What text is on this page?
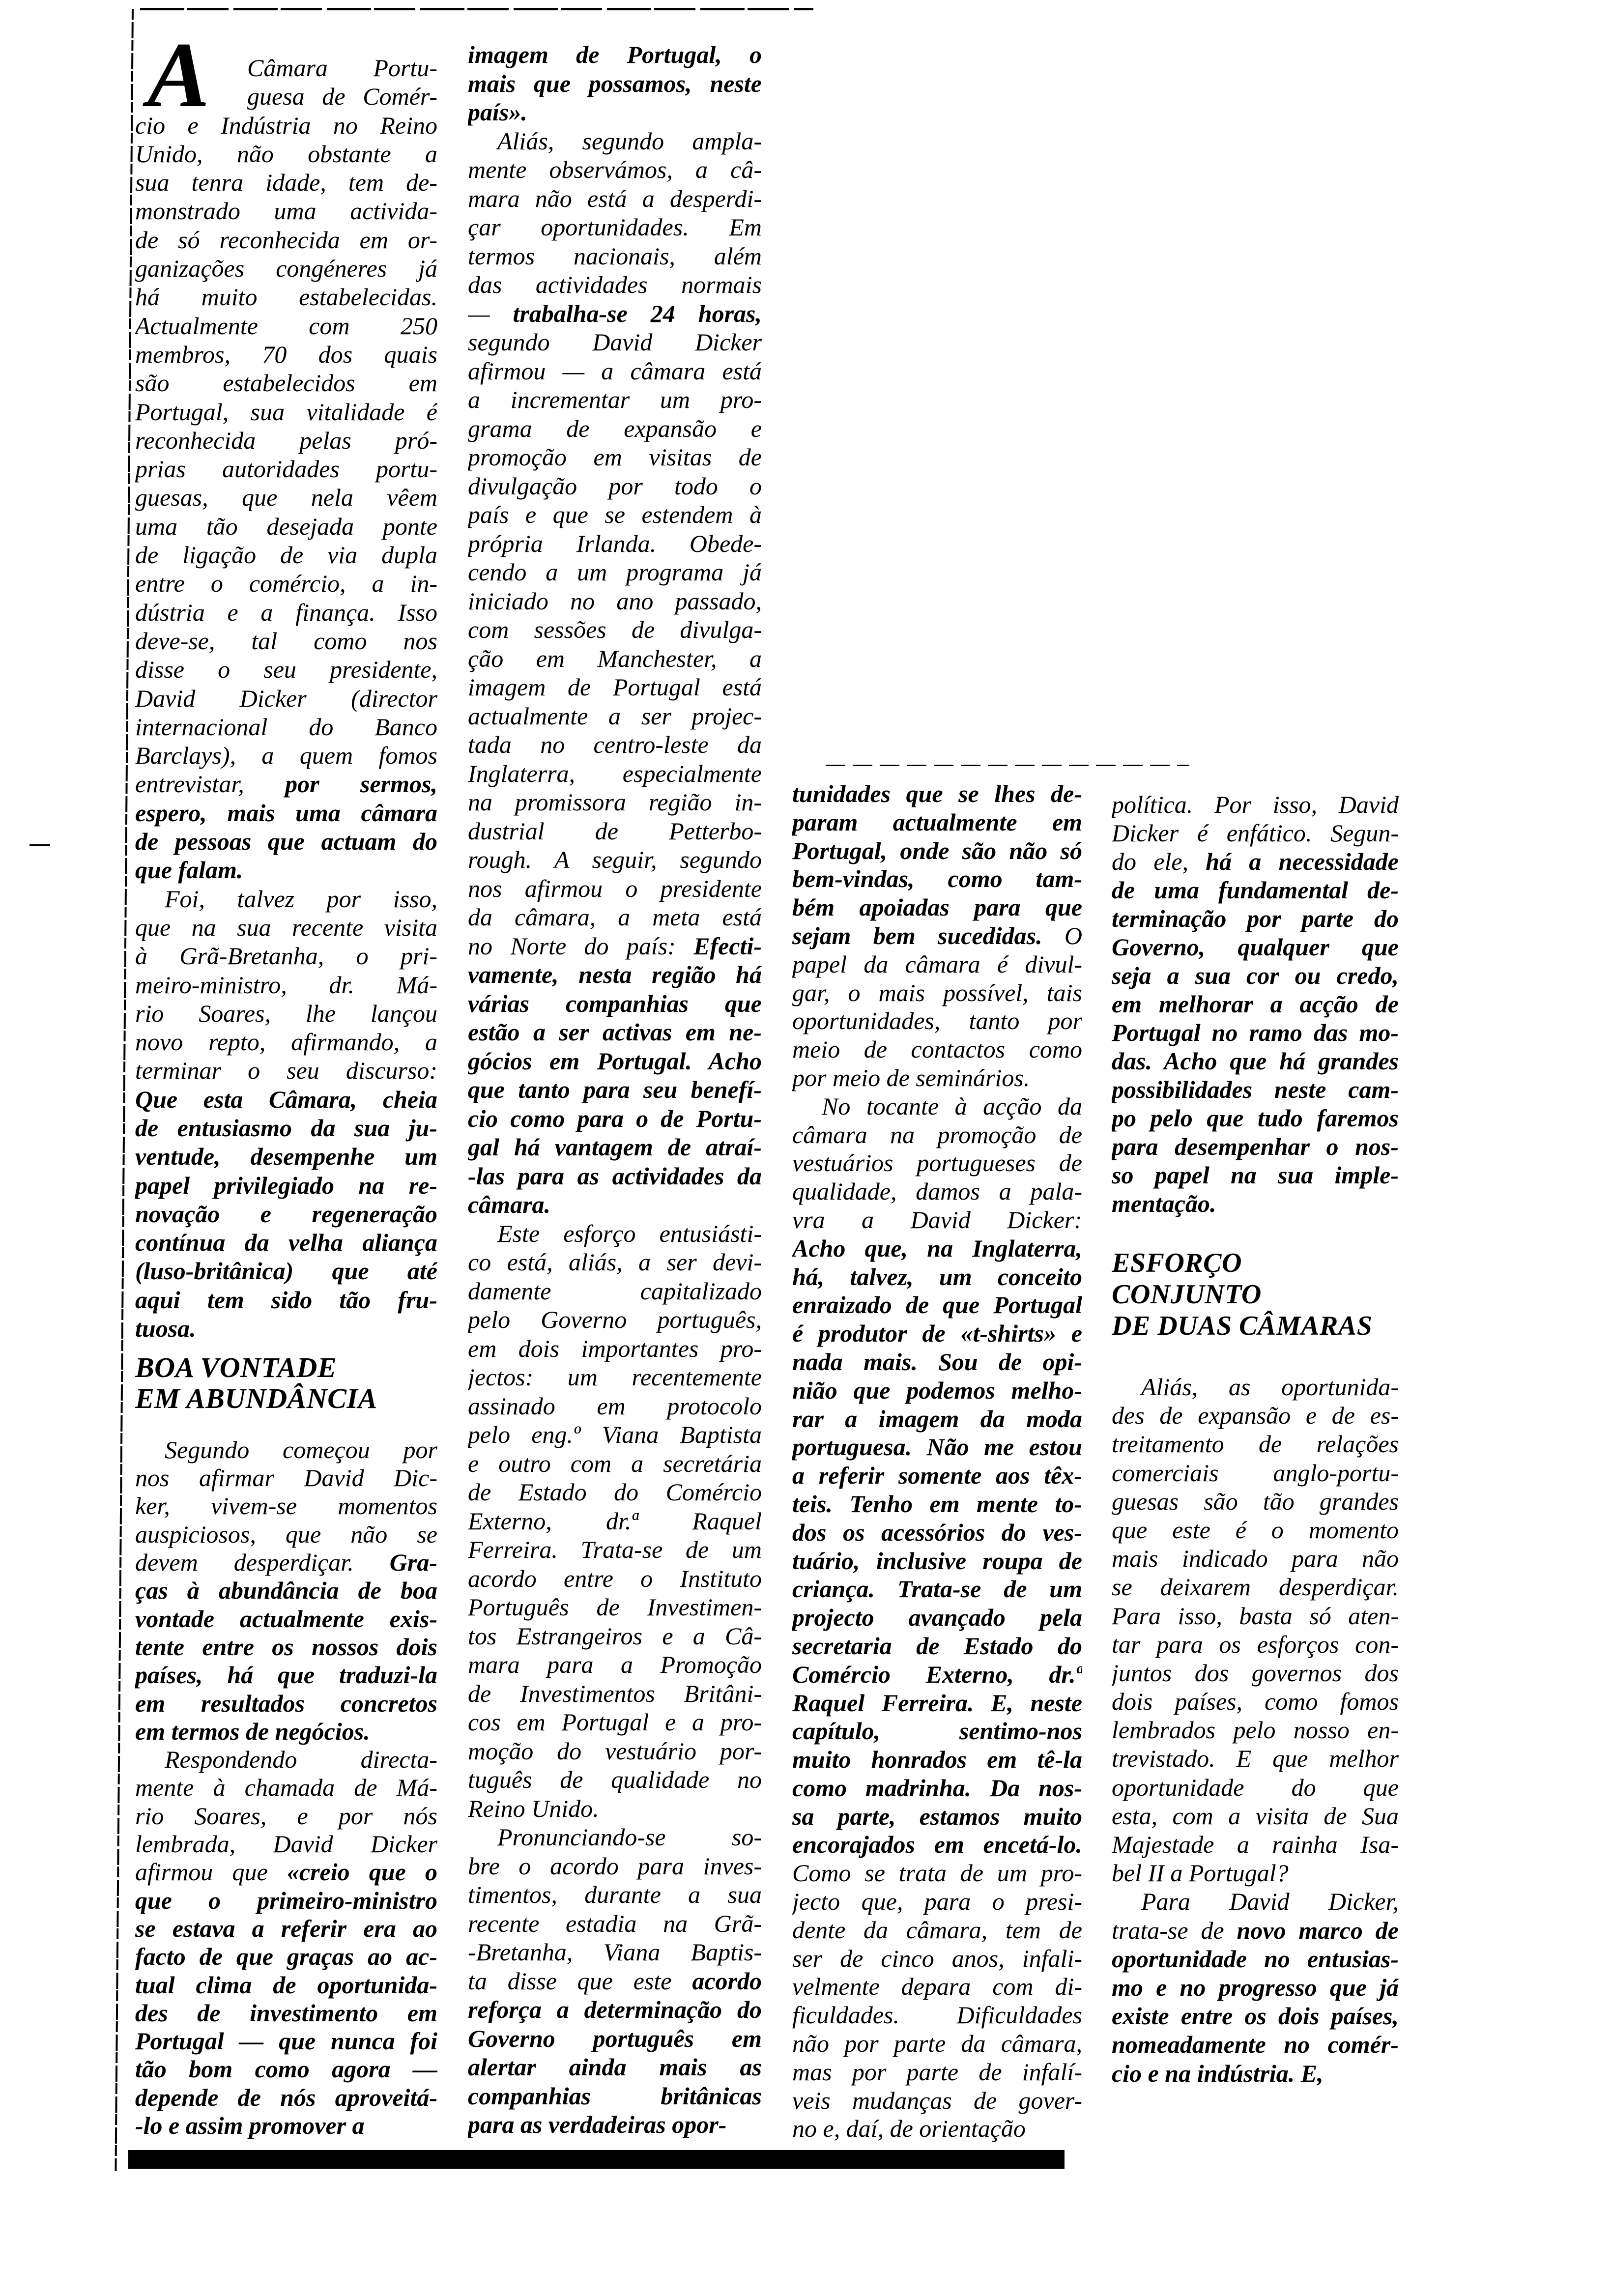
A	Câmara Portu-
guesa de Comér-
cio e Indústria no Reino
Unido, não obstante a
sua tenra idade, tem de-
monstrado uma activida-
de só reconhecida em or-
ganizações congéneres já
há muito estabelecidas.
Actualmente com 250
membros, 70 dos quais
são estabelecidos em
Portugal, sua vitalidade é
reconhecida pelas pró-
prias autoridades portu-
guesas, que nela vêem
uma tão desejada ponte
de ligação de via dupla
entre o comércio, a in-
dústria e a finança. Isso
deve-se, tal como nos
disse o seu presidente,
David Dicker (director
internacional do Banco
Barclays), a quem fomos
entrevistar, por sermos,
espero, mais uma câmara
de pessoas que actuam do
que falam.
Foi, talvez por isso,
que na sua recente visita
à Grã-Bretanha, o pri-
meiro-ministro, dr. Má-
rio Soares, lhe lançou
novo repto, afirmando, a
terminar o seu discurso:
Que esta Câmara, cheia
de entusiasmo da sua ju-
ventude, desempenhe um
papel privilegiado na re-
novação e regeneração
contínua da velha aliança
(luso-britânica) que até
aqui tem sido tão fru-
tuosa.
BOA VONTADE
EM ABUNDÂNCIA
Segundo começou por
nos afirmar David Dic-
ker, vivem-se momentos
auspiciosos, que não se
devem desperdiçar. Gra-
ças à abundância de boa
vontade actualmente exis-
tente entre os nossos dois
países, há que traduzi-la
em resultados concretos
em termos de negócios.
Respondendo directa-
mente à chamada de Má-
rio Soares, e por nós
lembrada, David Dicker
afirmou que «creio que o
que o primeiro-ministro
se estava a referir era ao
facto de que graças ao ac-
tual clima de oportunida-
des de investimento em
Portugal — que nunca foi
tão bom como agora —
depende de nós aproveitá-
-lo e assim promover a
imagem de Portugal, o
mais que possamos, neste
país».
Aliás, segundo ampla-
mente observámos, a câ-
mara não está a desperdi-
çar oportunidades. Em
termos nacionais, além
das actividades normais
— trabalha-se 24 horas,
segundo David Dicker
afirmou — a câmara está
a incrementar um pro-
grama de expansão e
promoção em visitas de
divulgação por todo o
país e que se estendem à
própria Irlanda. Obede-
cendo a um programa já
iniciado no ano passado,
com sessões de divulga-
ção em Manchester, a
imagem de Portugal está
actualmente a ser projec-
tada no centro-leste da
Inglaterra, especialmente
na promissora região in-
dustrial de Petterbo-
rough. A seguir, segundo
nos afirmou o presidente
da câmara, a meta está
no Norte do país: Efecti-
vamente, nesta região há
várias companhias que
estão a ser activas em ne-
gócios em Portugal. Acho
que tanto para seu benefí-
cio como para o de Portu-
gal há vantagem de atraí-
-las para as actividades da
câmara.
Este esforço entusiásti-
co está, aliás, a ser devi-
damente capitalizado
pelo Governo português,
em dois importantes pro-
jectos: um recentemente
assinado em protocolo
pelo eng.º Viana Baptista
e outro com a secretária
de Estado do Comércio
Externo, dr.ª Raquel
Ferreira. Trata-se de um
acordo entre o Instituto
Português de Investimen-
tos Estrangeiros e a Câ-
mara para a Promoção
de Investimentos Britâni-
cos em Portugal e a pro-
moção do vestuário por-
tuguês de qualidade no
Reino Unido.
Pronunciando-se so-
bre o acordo para inves-
timentos, durante a sua
recente estadia na Grã-
-Bretanha, Viana Baptis-
ta disse que este acordo
reforça a determinação do
Governo português em
alertar ainda mais as
companhias britânicas
para as verdadeiras opor-
tunidades que se lhes de-
param actualmente em
Portugal, onde são não só
bem-vindas, como tam-
bém apoiadas para que
sejam bem sucedidas. O
papel da câmara é divul-
gar, o mais possível, tais
oportunidades, tanto por
meio de contactos como
por meio de seminários.
No tocante à acção da
câmara na promoção de
vestuários portugueses de
qualidade, damos a pala-
vra a David Dicker:
Acho que, na Inglaterra,
há, talvez, um conceito
enraizado de que Portugal
é produtor de «t-shirts» e
nada mais. Sou de opi-
nião que podemos melho-
rar a imagem da moda
portuguesa. Não me estou
a referir somente aos têx-
teis. Tenho em mente to-
dos os acessórios do ves-
tuário, inclusive roupa de
criança. Trata-se de um
projecto avançado pela
secretaria de Estado do
Comércio Externo, dr.ª
Raquel Ferreira. E, neste
capítulo, sentimo-nos
muito honrados em tê-la
como madrinha. Da nos-
sa parte, estamos muito
encorajados em encetá-lo.
Como se trata de um pro-
jecto que, para o presi-
dente da câmara, tem de
ser de cinco anos, infali-
velmente depara com di-
ficuldades. Dificuldades
não por parte da câmara,
mas por parte de infalí-
veis mudanças de gover-
no e, daí, de orientação
política. Por isso, David
Dicker é enfático. Segun-
do ele, há a necessidade
de uma fundamental de-
terminação por parte do
Governo, qualquer que
seja a sua cor ou credo,
em melhorar a acção de
Portugal no ramo das mo-
das. Acho que há grandes
possibilidades neste cam-
po pelo que tudo faremos
para desempenhar o nos-
so papel na sua imple-
mentação.
ESFORÇO
CONJUNTO
DE DUAS CÂMARAS
Aliás, as oportunida-
des de expansão e de es-
treitamento de relações
comerciais anglo-portu-
guesas são tão grandes
que este é o momento
mais indicado para não
se deixarem desperdiçar.
Para isso, basta só aten-
tar para os esforços con-
juntos dos governos dos
dois países, como fomos
lembrados pelo nosso en-
trevistado. E que melhor
oportunidade do que
esta, com a visita de Sua
Majestade a rainha Isa-
bel II a Portugal?
Para David Dicker,
trata-se de novo marco de
oportunidade no entusias-
mo e no progresso que já
existe entre os dois países,
nomeadamente no comér-
cio e na indústria. E,
